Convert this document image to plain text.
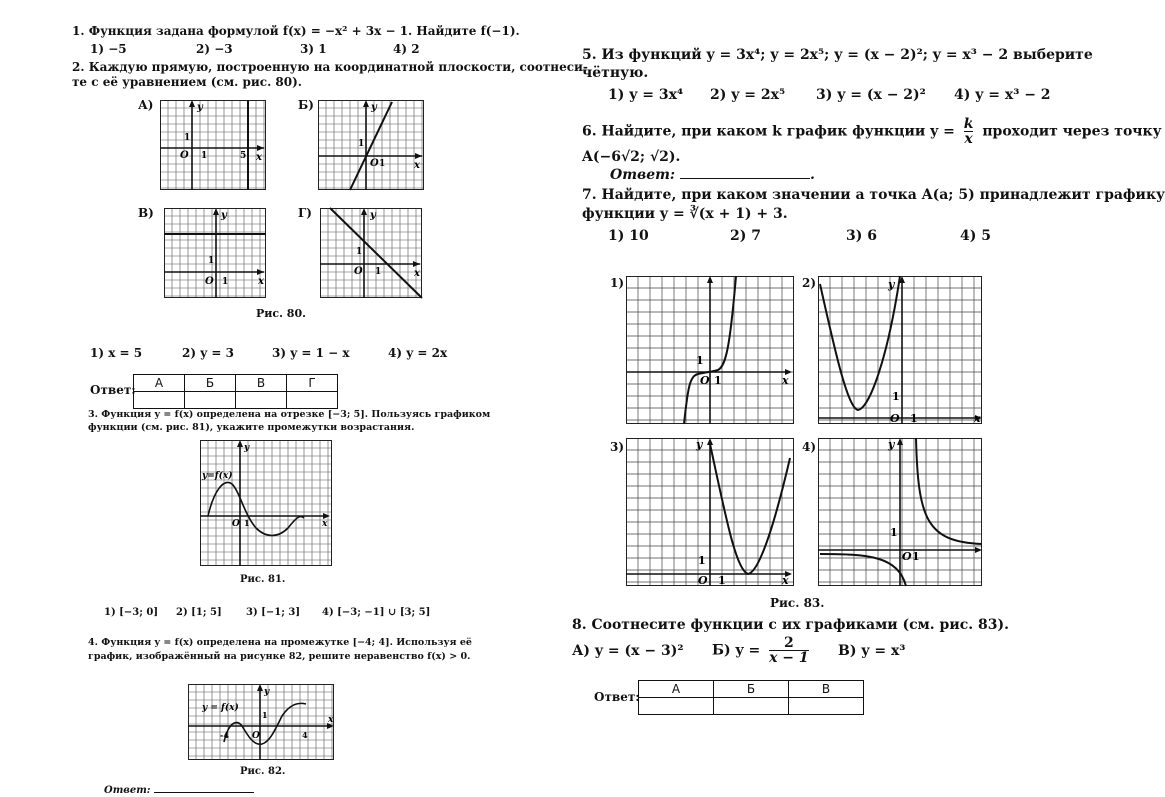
1. Функция задана формулой f(x) = −x² + 3x − 1. Найдите f(−1).
1) −5	2) −3	3) 1	4) 2
2. Каждую прямую, построенную на координатной плоскости, соотнеси-
те с её уравнением (см. рис. 80).
А)	Б)
В)	Г)
y
x
O 1
1
5
y
x
O 1
1
y
x
O 1
1
y
x
O 1
1
Рис. 80.
1) x = 5	2) y = 3	3) y = 1 − x	4) y = 2x
Ответ: А	Б	В	Г

3. Функция y = f(x) определена на отрезке [−3; 5]. Пользуясь графиком
функции (см. рис. 81), укажите промежутки возрастания.
y
x
O 1
y=f(x)
Рис. 81.
1) [−3; 0] 2) [1; 5] 3) [−1; 3] 4) [−3; −1] ∪ [3; 5]
4. Функция y = f(x) определена на промежутке [−4; 4]. Используя её
график, изображённый на рисунке 82, решите неравенство f(x) > 0.
y
x
O
1
-4	4
y = f(x)
Рис. 82.
Ответ:
5. Из функций y = 3x⁴; y = 2x⁵; y = (x − 2)²; y = x³ − 2 выберите
чётную.
1) y = 3x⁴ 2) y = 2x⁵ 3) y = (x − 2)² 4) y = x³ − 2
6. Найдите, при каком k график функции $y = \frac{k}{x}$ проходит через точку
A(−6√2; √2).
Ответ:	.
7. Найдите, при каком значении a точка A(a; 5) принадлежит графику
функции y = ∛(x + 1) + 3.
1) 10	2) 7	3) 6	4) 5
1)	2)
3)	4)
1
O 1	x
y
1
O 1	x
y
1
O 1	x
y
1
O 1
Рис. 83.
8. Соотнесите функции с их графиками (см. рис. 83).
А) y = (x − 3)² Б) $y = \frac{2}{x - 1} В$) y = x³
Ответ:
А	Б	В
